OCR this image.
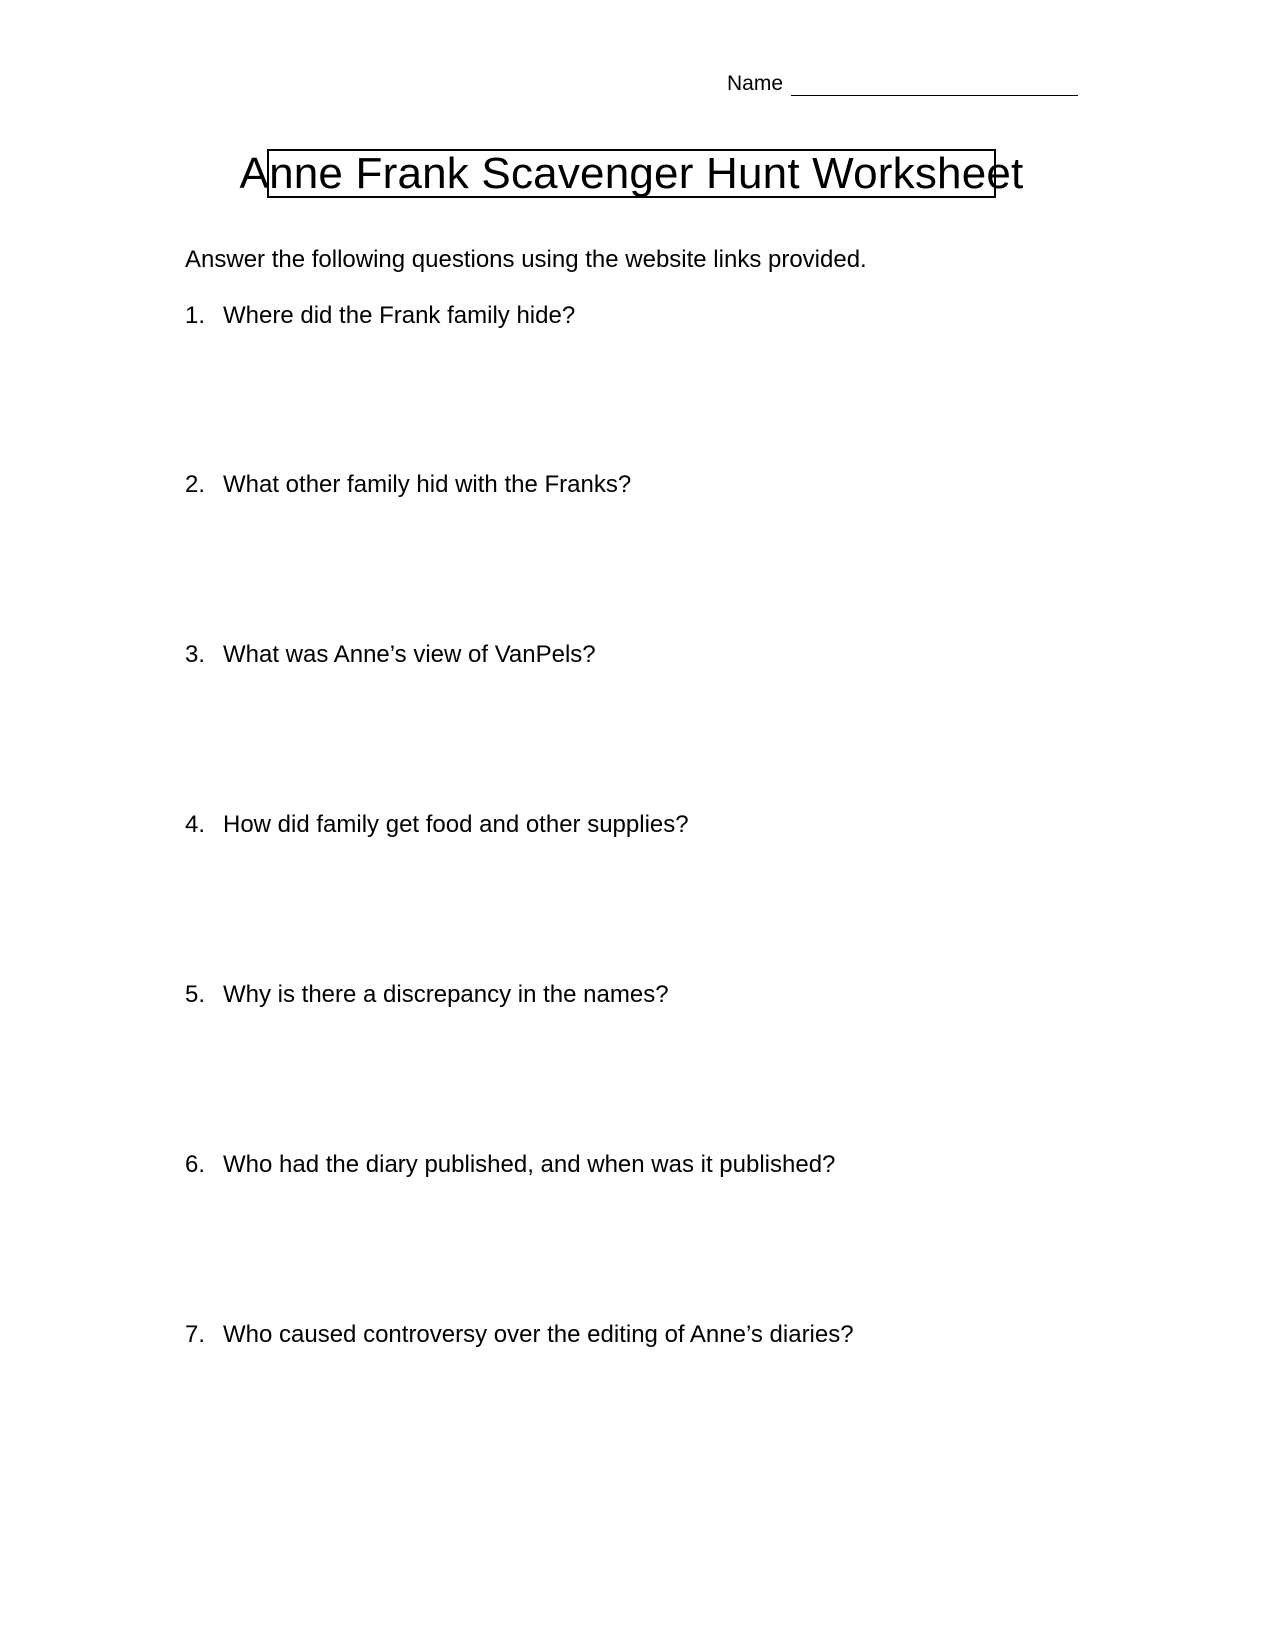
Name
Anne Frank Scavenger Hunt Worksheet
Answer the following questions using the website links provided.
1. Where did the Frank family hide?
2. What other family hid with the Franks?
3. What was Anne’s view of VanPels?
4. How did family get food and other supplies?
5. Why is there a discrepancy in the names?
6. Who had the diary published, and when was it published?
7. Who caused controversy over the editing of Anne’s diaries?
